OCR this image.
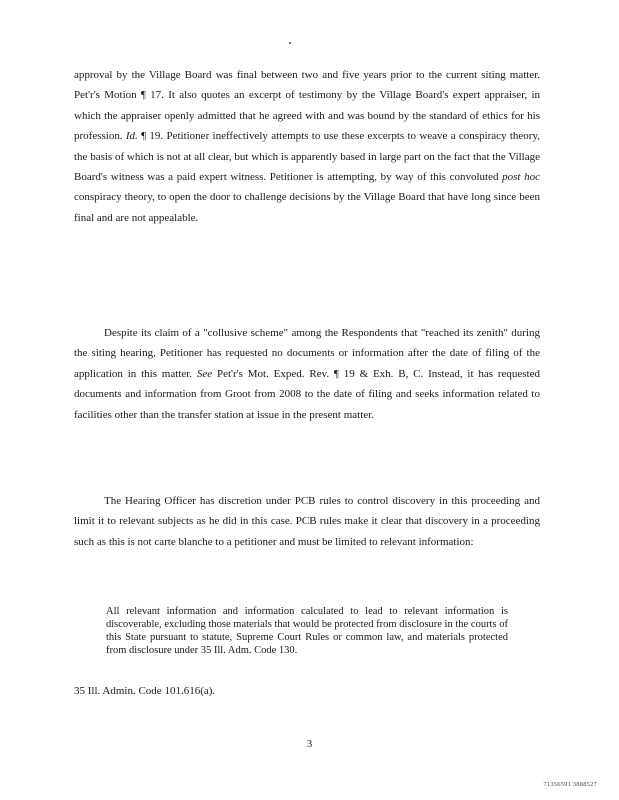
approval by the Village Board was final between two and five years prior to the current siting matter. Pet'r's Motion ¶ 17. It also quotes an excerpt of testimony by the Village Board's expert appraiser, in which the appraiser openly admitted that he agreed with and was bound by the standard of ethics for his profession. Id. ¶ 19. Petitioner ineffectively attempts to use these excerpts to weave a conspiracy theory, the basis of which is not at all clear, but which is apparently based in large part on the fact that the Village Board's witness was a paid expert witness. Petitioner is attempting, by way of this convoluted post hoc conspiracy theory, to open the door to challenge decisions by the Village Board that have long since been final and are not appealable.

Despite its claim of a "collusive scheme" among the Respondents that "reached its zenith" during the siting hearing, Petitioner has requested no documents or information after the date of filing of the application in this matter. See Pet'r's Mot. Exped. Rev. ¶ 19 & Exh. B, C. Instead, it has requested documents and information from Groot from 2008 to the date of filing and seeks information related to facilities other than the transfer station at issue in the present matter.

The Hearing Officer has discretion under PCB rules to control discovery in this proceeding and limit it to relevant subjects as he did in this case. PCB rules make it clear that discovery in a proceeding such as this is not carte blanche to a petitioner and must be limited to relevant information:

All relevant information and information calculated to lead to relevant information is discoverable, excluding those materials that would be protected from disclosure in the courts of this State pursuant to statute, Supreme Court Rules or common law, and materials protected from disclosure under 35 Ill. Adm. Code 130.
35 Ill. Admin. Code 101.616(a).
3
71356591 3888527
